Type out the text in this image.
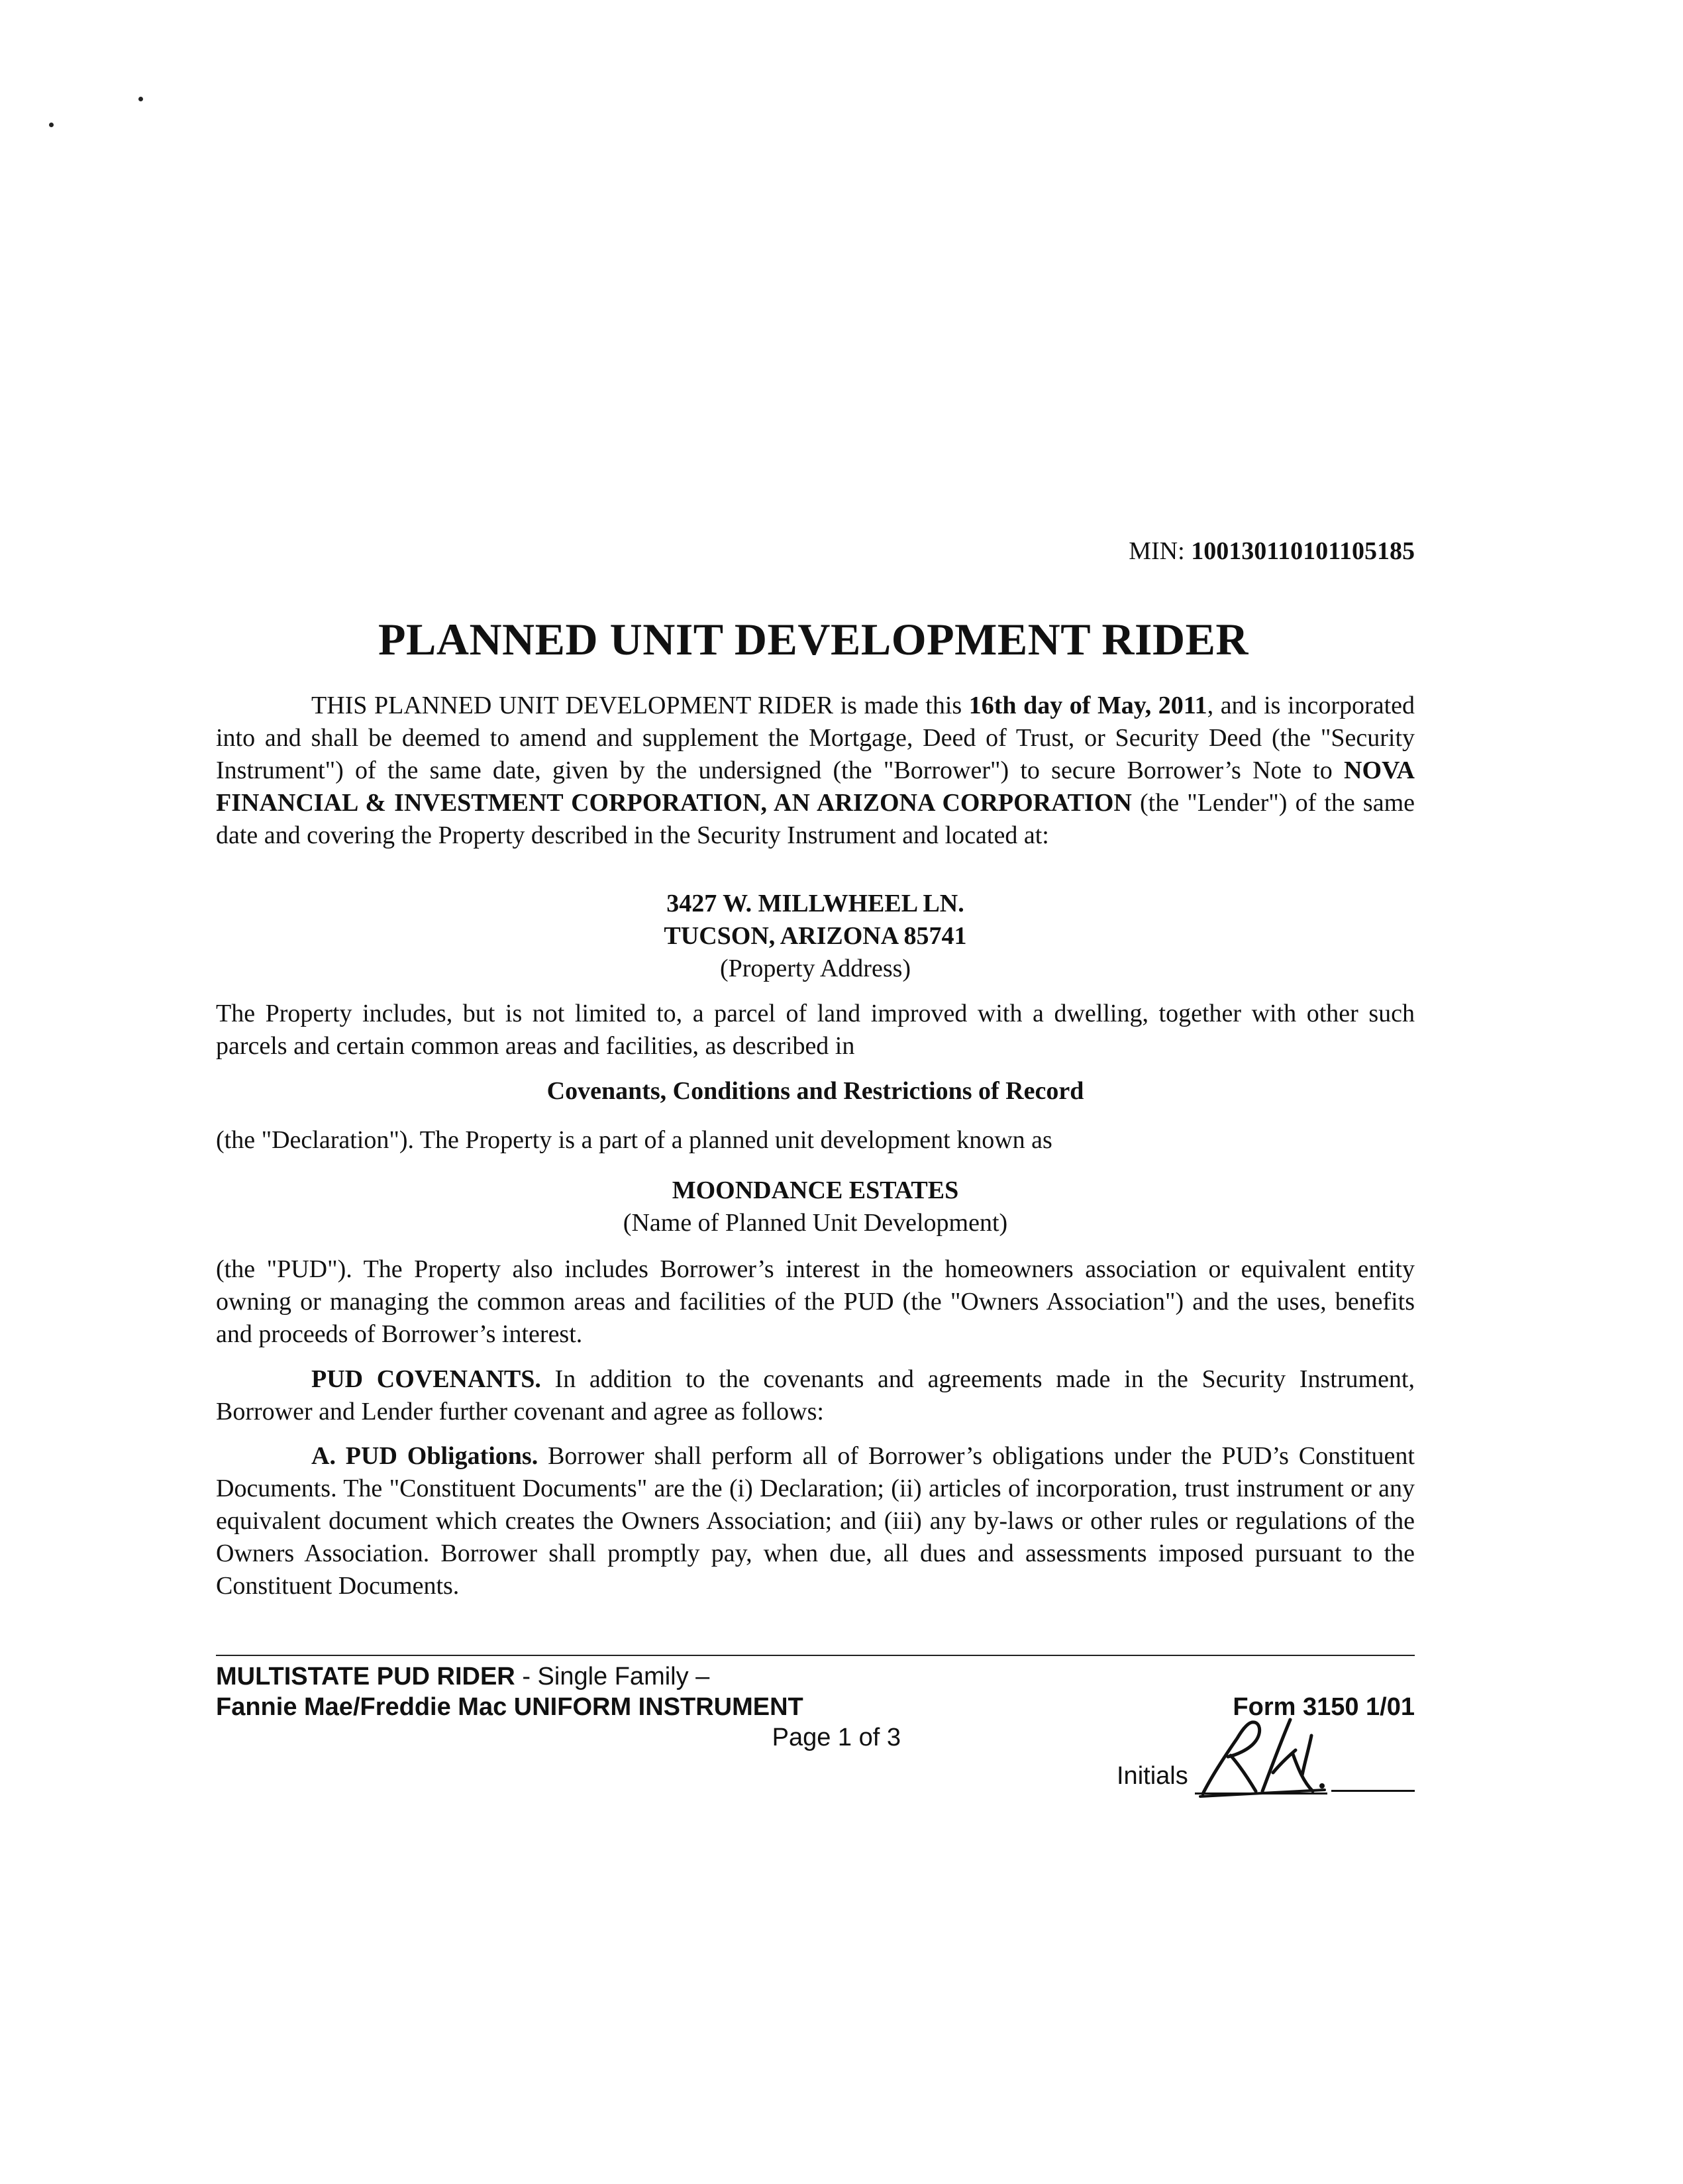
MIN: 100130110101105185
PLANNED UNIT DEVELOPMENT RIDER
THIS PLANNED UNIT DEVELOPMENT RIDER is made this 16th day of May, 2011, and is incorporated into and shall be deemed to amend and supplement the Mortgage, Deed of Trust, or Security Deed (the "Security Instrument") of the same date, given by the undersigned (the "Borrower") to secure Borrower’s Note to NOVA FINANCIAL & INVESTMENT CORPORATION, AN ARIZONA CORPORATION (the "Lender") of the same date and covering the Property described in the Security Instrument and located at:
3427 W. MILLWHEEL LN.
TUCSON, ARIZONA 85741
(Property Address)
The Property includes, but is not limited to, a parcel of land improved with a dwelling, together with other such parcels and certain common areas and facilities, as described in
Covenants, Conditions and Restrictions of Record
(the "Declaration"). The Property is a part of a planned unit development known as
MOONDANCE ESTATES
(Name of Planned Unit Development)
(the "PUD"). The Property also includes Borrower’s interest in the homeowners association or equivalent entity owning or managing the common areas and facilities of the PUD (the "Owners Association") and the uses, benefits and proceeds of Borrower’s interest.
PUD COVENANTS. In addition to the covenants and agreements made in the Security Instrument, Borrower and Lender further covenant and agree as follows:
A. PUD Obligations. Borrower shall perform all of Borrower’s obligations under the PUD’s Constituent Documents. The "Constituent Documents" are the (i) Declaration; (ii) articles of incorporation, trust instrument or any equivalent document which creates the Owners Association; and (iii) any by-laws or other rules or regulations of the Owners Association. Borrower shall promptly pay, when due, all dues and assessments imposed pursuant to the Constituent Documents.
MULTISTATE PUD RIDER - Single Family –
Fannie Mae/Freddie Mac UNIFORM INSTRUMENT
Page 1 of 3
Form 3150 1/01
Initials
